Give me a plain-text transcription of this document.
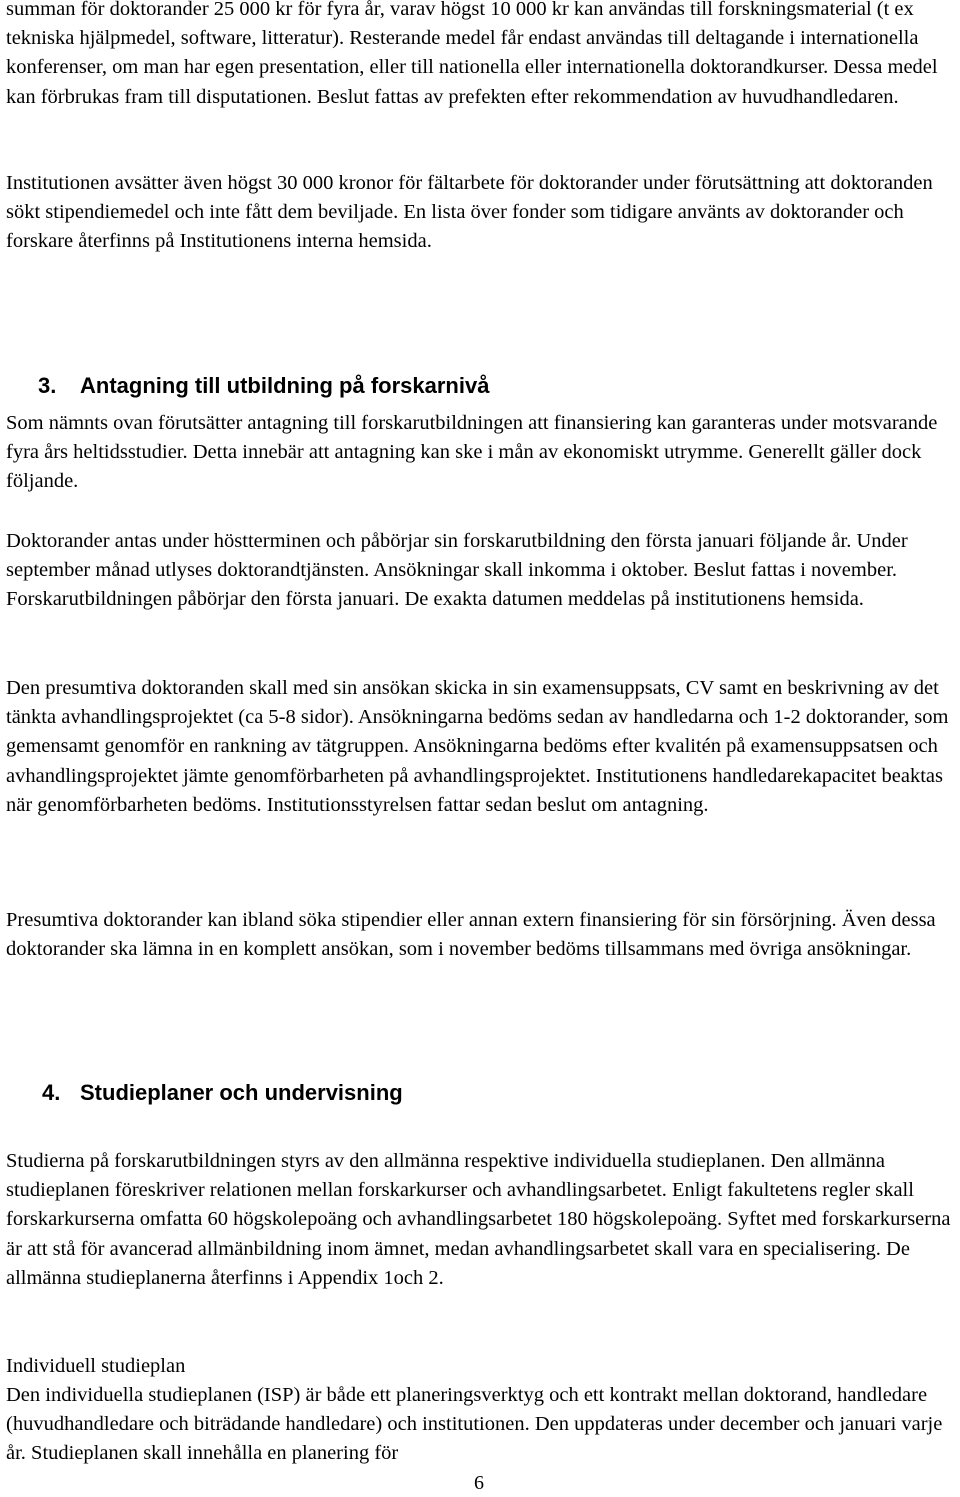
summan för doktorander 25 000 kr för fyra år, varav högst 10 000 kr kan användas till forskningsmaterial (t ex tekniska hjälpmedel, software, litteratur). Resterande medel får endast användas till deltagande i internationella konferenser, om man har egen presentation, eller till nationella eller internationella doktorandkurser. Dessa medel kan förbrukas fram till disputationen. Beslut fattas av prefekten efter rekommendation av huvudhandledaren.

Institutionen avsätter även högst 30 000 kronor för fältarbete för doktorander under förutsättning att doktoranden sökt stipendiemedel och inte fått dem beviljade. En lista över fonder som tidigare använts av doktorander och forskare återfinns på Institutionens interna hemsida.

3. Antagning till utbildning på forskarnivå

Som nämnts ovan förutsätter antagning till forskarutbildningen att finansiering kan garanteras under motsvarande fyra års heltidsstudier. Detta innebär att antagning kan ske i mån av ekonomiskt utrymme. Generellt gäller dock följande.

Doktorander antas under höstterminen och påbörjar sin forskarutbildning den första januari följande år. Under september månad utlyses doktorandtjänsten. Ansökningar skall inkomma i oktober. Beslut fattas i november. Forskarutbildningen påbörjar den första januari. De exakta datumen meddelas på institutionens hemsida.

Den presumtiva doktoranden skall med sin ansökan skicka in sin examensuppsats, CV samt en beskrivning av det tänkta avhandlingsprojektet (ca 5-8 sidor). Ansökningarna bedöms sedan av handledarna och 1-2 doktorander, som gemensamt genomför en rankning av tätgruppen. Ansökningarna bedöms efter kvalitén på examensuppsatsen och avhandlingsprojektet jämte genomförbarheten på avhandlingsprojektet. Institutionens handledarekapacitet beaktas när genomförbarheten bedöms. Institutionsstyrelsen fattar sedan beslut om antagning.

Presumtiva doktorander kan ibland söka stipendier eller annan extern finansiering för sin försörjning. Även dessa doktorander ska lämna in en komplett ansökan, som i november bedöms tillsammans med övriga ansökningar.

4. Studieplaner och undervisning

Studierna på forskarutbildningen styrs av den allmänna respektive individuella studieplanen. Den allmänna studieplanen föreskriver relationen mellan forskarkurser och avhandlingsarbetet. Enligt fakultetens regler skall forskarkurserna omfatta 60 högskolepoäng och avhandlingsarbetet 180 högskolepoäng. Syftet med forskarkurserna är att stå för avancerad allmänbildning inom ämnet, medan avhandlingsarbetet skall vara en specialisering. De allmänna studieplanerna återfinns i Appendix 1och 2.

Individuell studieplan

Den individuella studieplanen (ISP) är både ett planeringsverktyg och ett kontrakt mellan doktorand, handledare (huvudhandledare och biträdande handledare) och institutionen. Den uppdateras under december och januari varje år. Studieplanen skall innehålla en planering för

6
